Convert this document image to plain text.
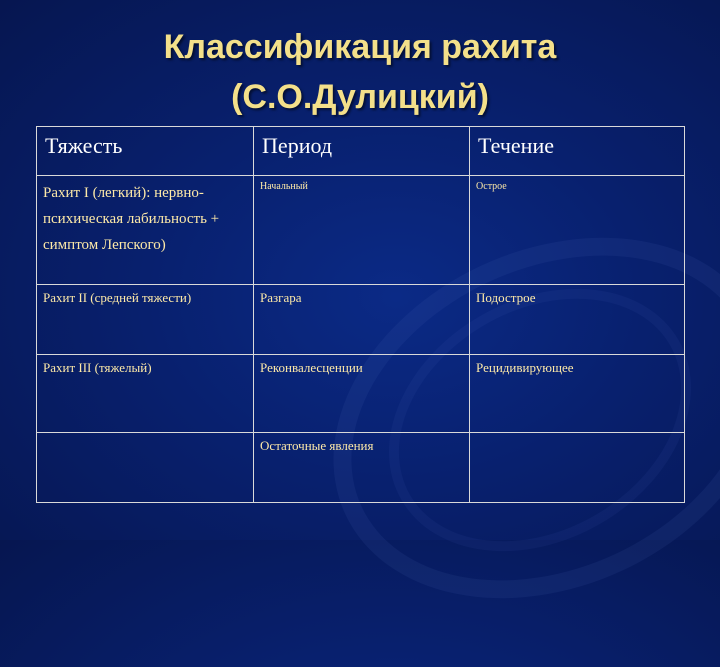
Классификация рахита
(С.О.Дулицкий)
Тяжесть	Период	Течение
Рахит I (легкий): нервно-психическая лабильность + симптом Лепского)	Начальный	Острое
Рахит II (средней тяжести)	Разгара	Подострое
Рахит III (тяжелый)	Реконвалесценции	Рецидивирующее
	Остаточные явления	
